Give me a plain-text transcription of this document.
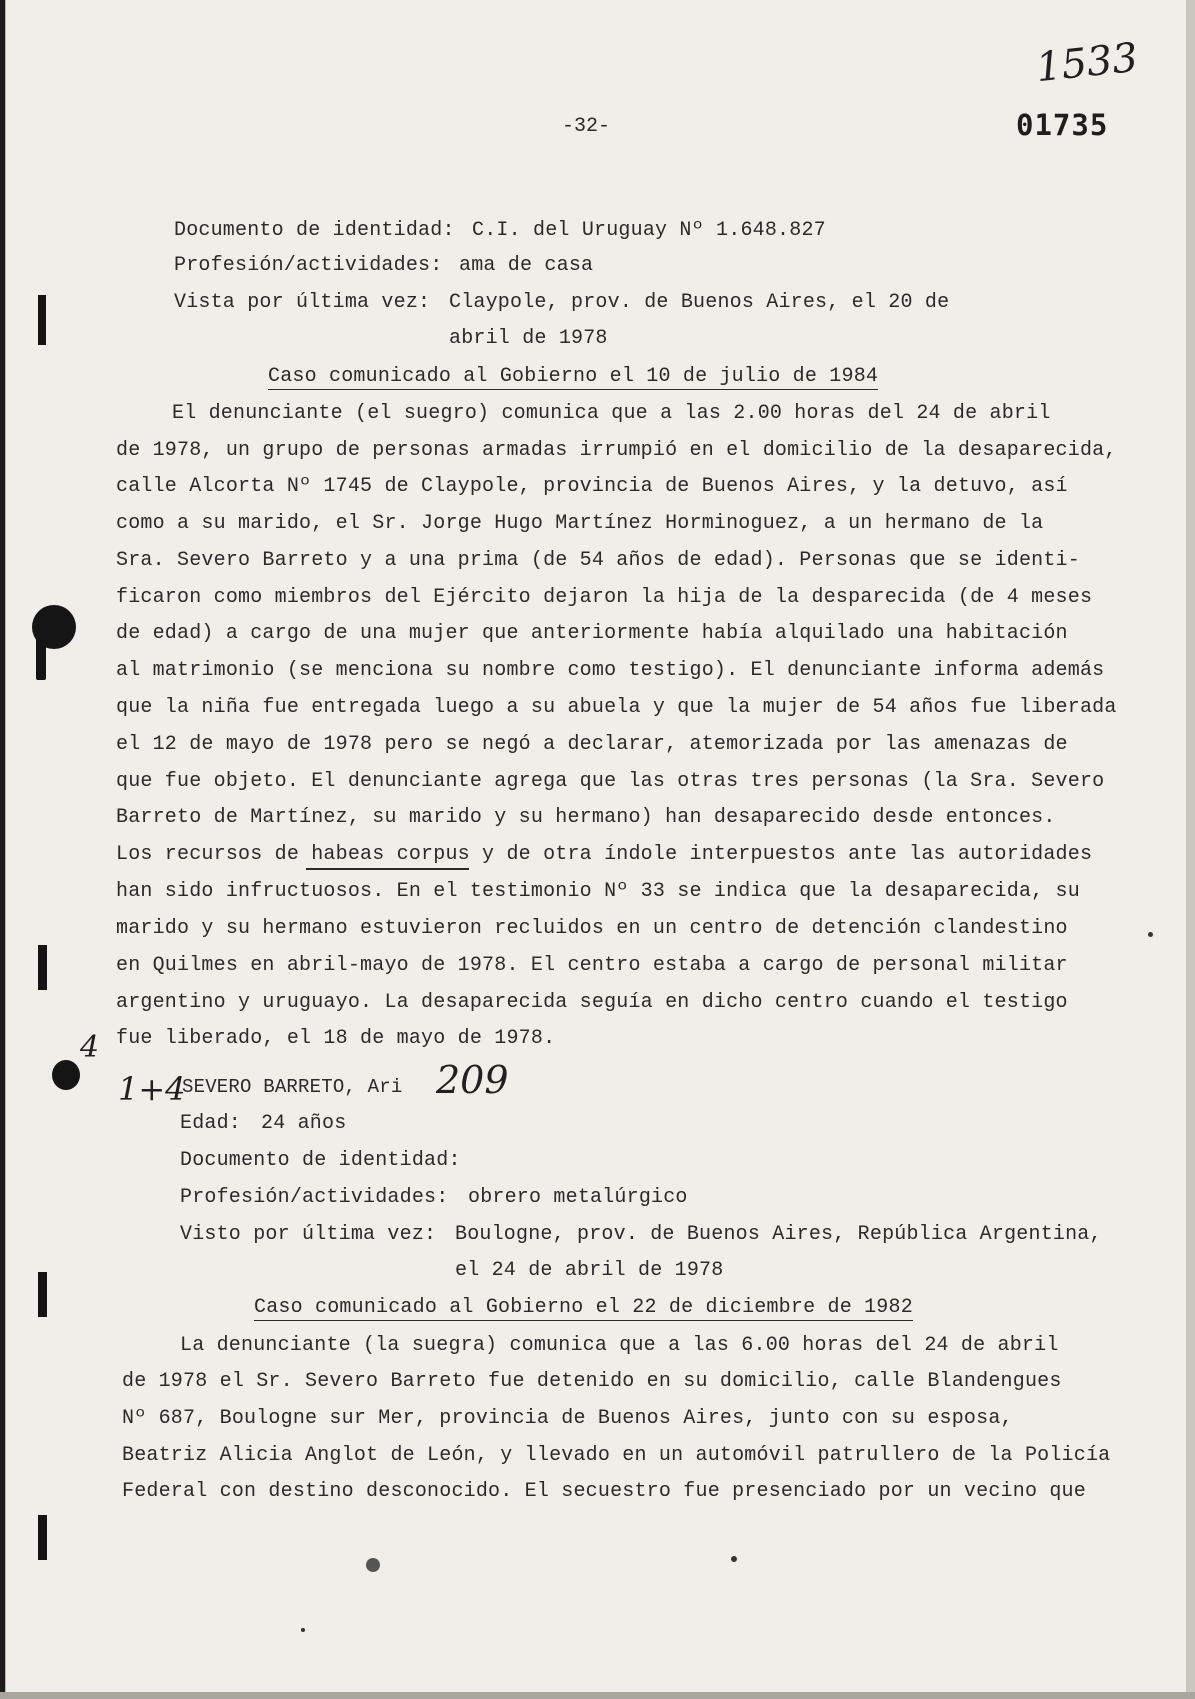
-32-	01735
1533
Documento de identidad: C.I. del Uruguay Nº 1.648.827
Profesión/actividades: ama de casa
Vista por última vez: Claypole, prov. de Buenos Aires, el 20 de
abril de 1978
Caso comunicado al Gobierno el 10 de julio de 1984
El denunciante (el suegro) comunica que a las 2.00 horas del 24 de abril
de 1978, un grupo de personas armadas irrumpió en el domicilio de la desaparecida,
calle Alcorta Nº 1745 de Claypole, provincia de Buenos Aires, y la detuvo, así
como a su marido, el Sr. Jorge Hugo Martínez Horminoguez, a un hermano de la
Sra. Severo Barreto y a una prima (de 54 años de edad). Personas que se identi-
ficaron como miembros del Ejército dejaron la hija de la desparecida (de 4 meses
de edad) a cargo de una mujer que anteriormente había alquilado una habitación
al matrimonio (se menciona su nombre como testigo). El denunciante informa además
que la niña fue entregada luego a su abuela y que la mujer de 54 años fue liberada
el 12 de mayo de 1978 pero se negó a declarar, atemorizada por las amenazas de
que fue objeto. El denunciante agrega que las otras tres personas (la Sra. Severo
Barreto de Martínez, su marido y su hermano) han desaparecido desde entonces.
Los recursos de habeas corpus y de otra índole interpuestos ante las autoridades
han sido infructuosos. En el testimonio Nº 33 se indica que la desaparecida, su
marido y su hermano estuvieron recluidos en un centro de detención clandestino
en Quilmes en abril-mayo de 1978. El centro estaba a cargo de personal militar
argentino y uruguayo. La desaparecida seguía en dicho centro cuando el testigo
fue liberado, el 18 de mayo de 1978.
1+4
4
SEVERO BARRETO, Ari 209
Edad: 24 años
Documento de identidad:
Profesión/actividades: obrero metalúrgico
Visto por última vez: Boulogne, prov. de Buenos Aires, República Argentina,
el 24 de abril de 1978
Caso comunicado al Gobierno el 22 de diciembre de 1982
La denunciante (la suegra) comunica que a las 6.00 horas del 24 de abril
de 1978 el Sr. Severo Barreto fue detenido en su domicilio, calle Blandengues
Nº 687, Boulogne sur Mer, provincia de Buenos Aires, junto con su esposa,
Beatriz Alicia Anglot de León, y llevado en un automóvil patrullero de la Policía
Federal con destino desconocido. El secuestro fue presenciado por un vecino que
